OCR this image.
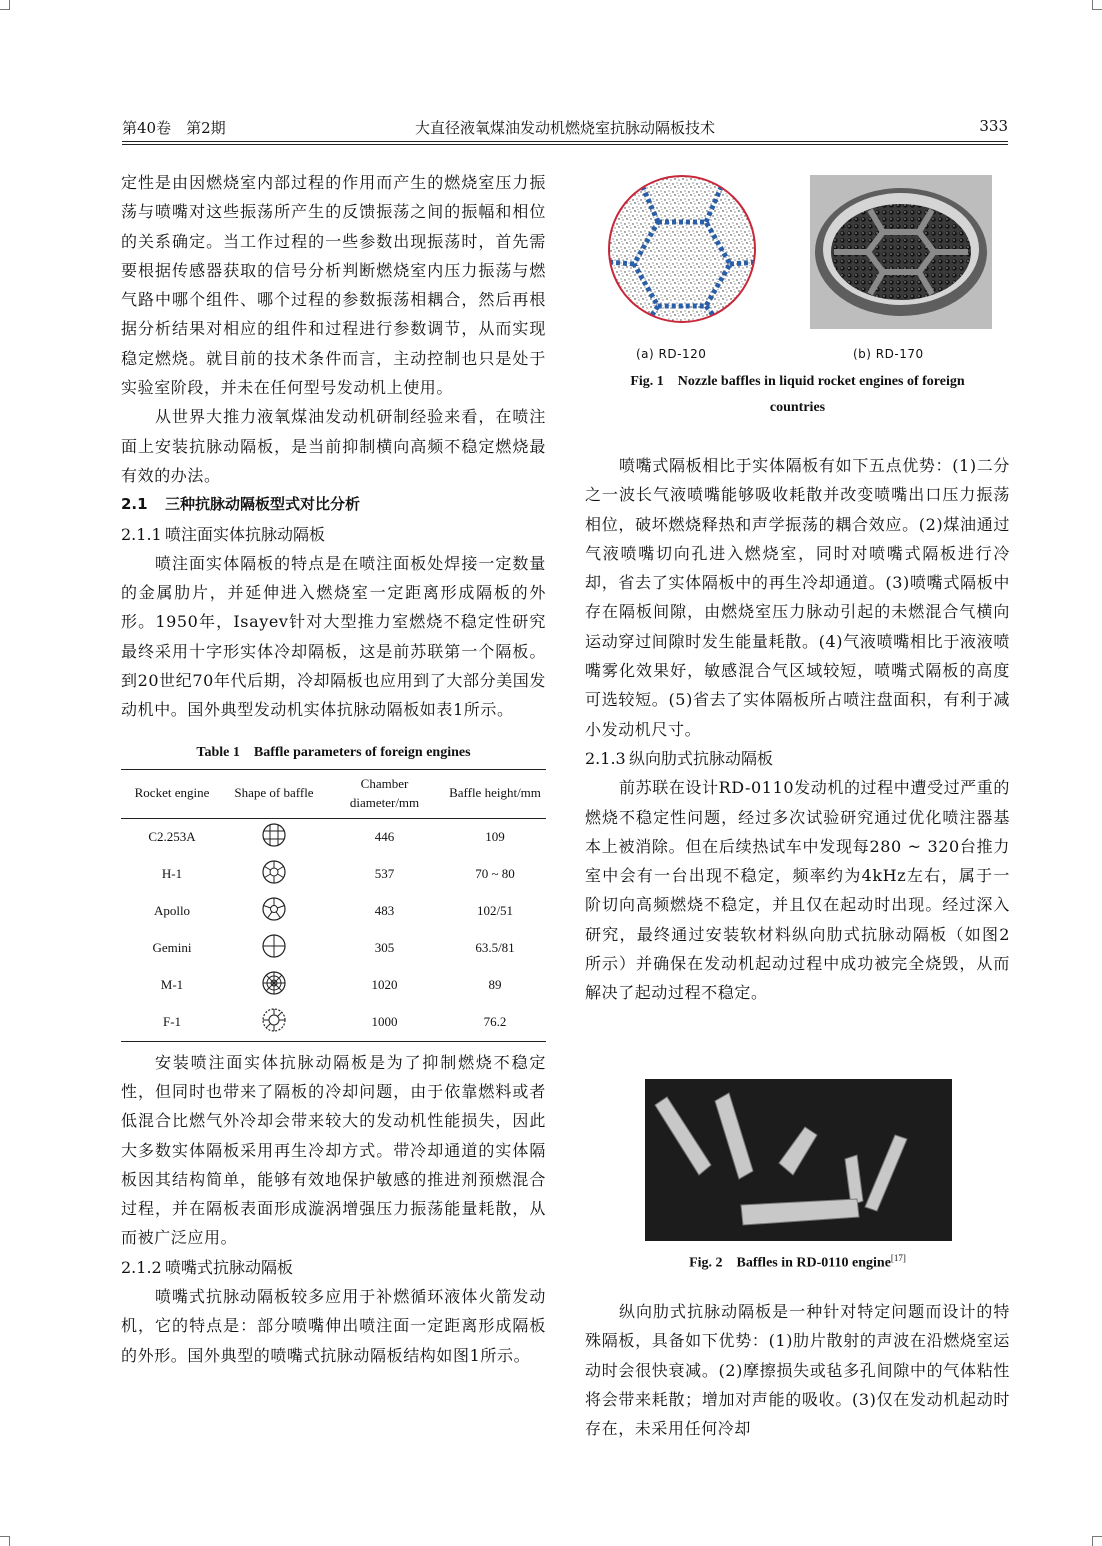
第40卷　第2期	大直径液氧煤油发动机燃烧室抗脉动隔板技术	333

定性是由因燃烧室内部过程的作用而产生的燃烧室压力振荡与喷嘴对这些振荡所产生的反馈振荡之间的振幅和相位的关系确定。当工作过程的一些参数出现振荡时，首先需要根据传感器获取的信号分析判断燃烧室内压力振荡与燃气路中哪个组件、哪个过程的参数振荡相耦合，然后再根据分析结果对相应的组件和过程进行参数调节，从而实现稳定燃烧。就目前的技术条件而言，主动控制也只是处于实验室阶段，并未在任何型号发动机上使用。

从世界大推力液氧煤油发动机研制经验来看，在喷注面上安装抗脉动隔板，是当前抑制横向高频不稳定燃烧最有效的办法。

2.1 三种抗脉动隔板型式对比分析
2.1.1 喷注面实体抗脉动隔板

喷注面实体隔板的特点是在喷注面板处焊接一定数量的金属肋片，并延伸进入燃烧室一定距离形成隔板的外形。1950年，Isayev针对大型推力室燃烧不稳定性研究最终采用十字形实体冷却隔板，这是前苏联第一个隔板。到20世纪70年代后期，冷却隔板也应用到了大部分美国发动机中。国外典型发动机实体抗脉动隔板如表1所示。

Table 1　Baffle parameters of foreign engines

Rocket engine	Shape of baffle	Chamber diameter/mm	Baffle height/mm
C2.253A		446	109
H-1		537	70 ~ 80
Apollo		483	102/51
Gemini		305	63.5/81
M-1		1020	89
F-1		1000	76.2

安装喷注面实体抗脉动隔板是为了抑制燃烧不稳定性，但同时也带来了隔板的冷却问题，由于依靠燃料或者低混合比燃气外冷却会带来较大的发动机性能损失，因此大多数实体隔板采用再生冷却方式。带冷却通道的实体隔板因其结构简单，能够有效地保护敏感的推进剂预燃混合过程，并在隔板表面形成漩涡增强压力振荡能量耗散，从而被广泛应用。

2.1.2 喷嘴式抗脉动隔板

喷嘴式抗脉动隔板较多应用于补燃循环液体火箭发动机，它的特点是：部分喷嘴伸出喷注面一定距离形成隔板的外形。国外典型的喷嘴式抗脉动隔板结构如图1所示。

(a) RD-120	(b) RD-170
Fig. 1　Nozzle baffles in liquid rocket engines of foreign
countries

喷嘴式隔板相比于实体隔板有如下五点优势：(1)二分之一波长气液喷嘴能够吸收耗散并改变喷嘴出口压力振荡相位，破坏燃烧释热和声学振荡的耦合效应。(2)煤油通过气液喷嘴切向孔进入燃烧室，同时对喷嘴式隔板进行冷却，省去了实体隔板中的再生冷却通道。(3)喷嘴式隔板中存在隔板间隙，由燃烧室压力脉动引起的未燃混合气横向运动穿过间隙时发生能量耗散。(4)气液喷嘴相比于液液喷嘴雾化效果好，敏感混合气区域较短，喷嘴式隔板的高度可选较短。(5)省去了实体隔板所占喷注盘面积，有利于减小发动机尺寸。

2.1.3 纵向肋式抗脉动隔板

前苏联在设计RD-0110发动机的过程中遭受过严重的燃烧不稳定性问题，经过多次试验研究通过优化喷注器基本上被消除。但在后续热试车中发现每280 ~ 320台推力室中会有一台出现不稳定，频率约为4kHz左右，属于一阶切向高频燃烧不稳定，并且仅在起动时出现。经过深入研究，最终通过安装软材料纵向肋式抗脉动隔板（如图2所示）并确保在发动机起动过程中成功被完全烧毁，从而解决了起动过程不稳定。

Fig. 2　Baffles in RD-0110 engine[17]

纵向肋式抗脉动隔板是一种针对特定问题而设计的特殊隔板，具备如下优势：(1)肋片散射的声波在沿燃烧室运动时会很快衰减。(2)摩擦损失或毡多孔间隙中的气体粘性将会带来耗散；增加对声能的吸收。(3)仅在发动机起动时存在，未采用任何冷却
